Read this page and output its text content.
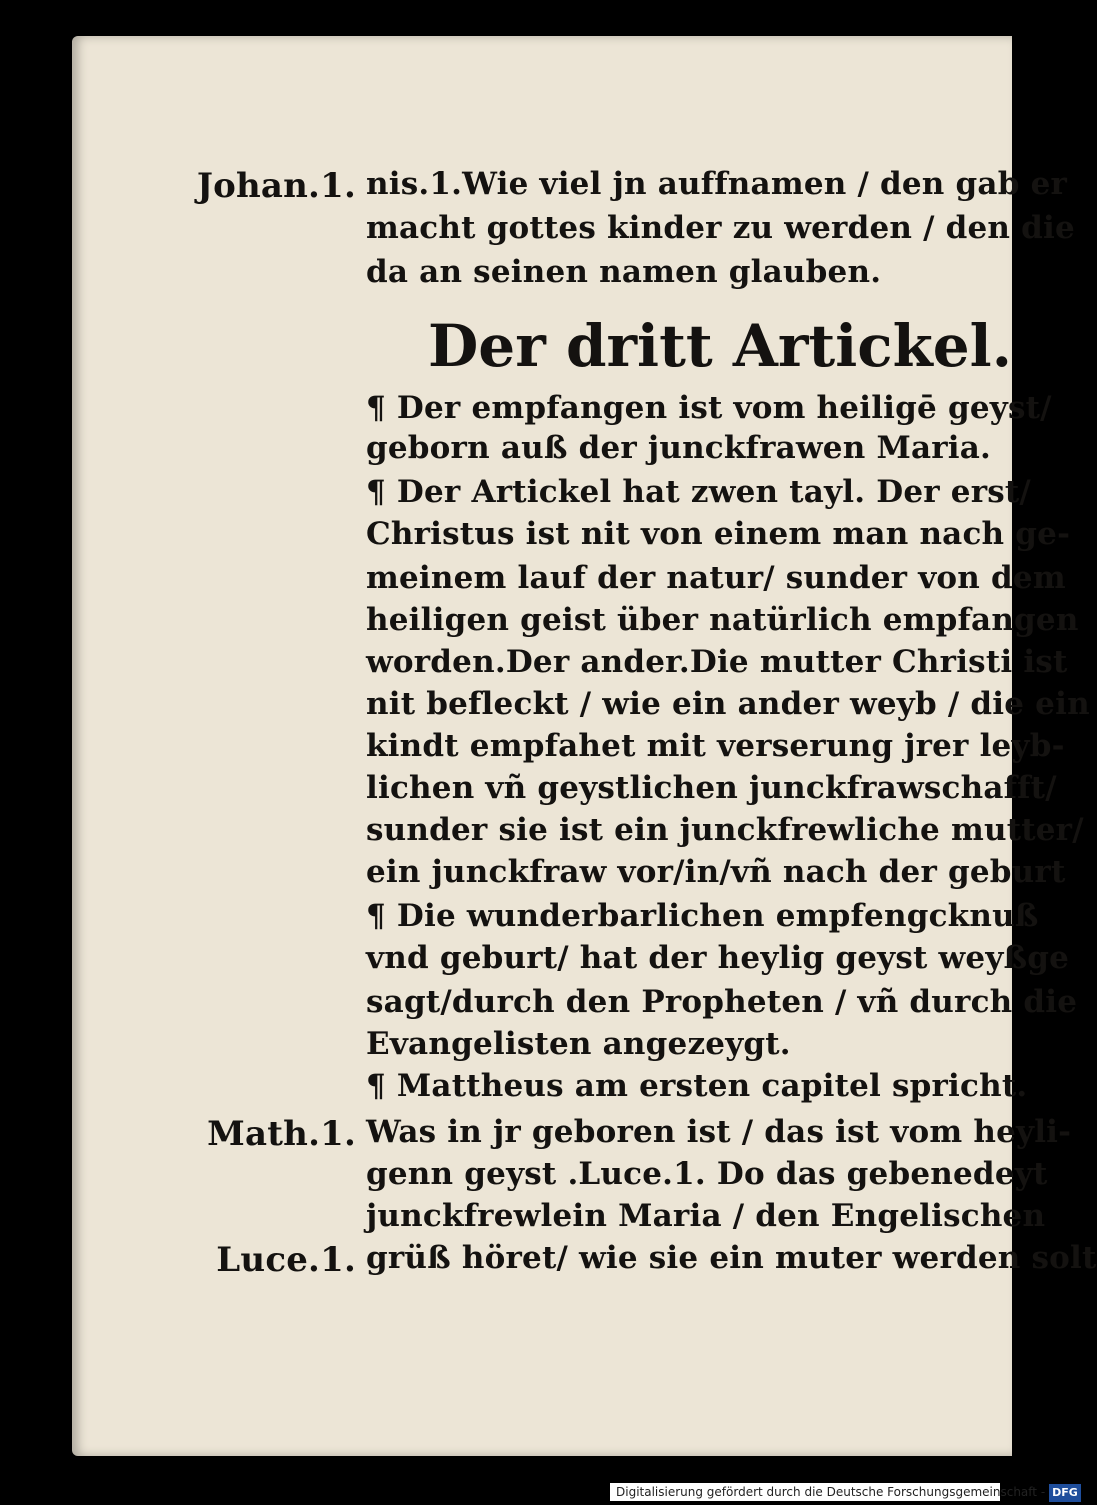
Johan.1. nis.1.Wie viel jn auffnamen / den gab er
macht gottes kinder zu werden / den die
da an seinen namen glauben.
Der dritt Artickel.
¶ Der empfangen ist vom heiligē geyst/
geborn auß der junckfrawen Maria.
¶ Der Artickel hat zwen tayl. Der erst/
Christus ist nit von einem man nach ge-
meinem lauf der natur/ sunder von dem
heiligen geist über natürlich empfangen
worden.Der ander.Die mutter Christi ist
nit befleckt / wie ein ander weyb / die ein
kindt empfahet mit verserung jrer leyb-
lichen vñ geystlichen junckfrawschafft/
sunder sie ist ein junckfrewliche mutter/
ein junckfraw vor/in/vñ nach der geburt
¶ Die wunderbarlichen empfengcknuß
vnd geburt/ hat der heylig geyst weyßge
sagt/durch den Propheten / vñ durch die
Evangelisten angezeygt.
¶ Mattheus am ersten capitel spricht.
Math.1. Was in jr geboren ist / das ist vom heyli-
genn geyst .Luce.1. Do das gebenedeyt
junckfrewlein Maria / den Engelischen
Luce.1. grüß höret/ wie sie ein muter werden solt
Digitalisierung gefördert durch die Deutsche Forschungsgemeinschaft - DFG
